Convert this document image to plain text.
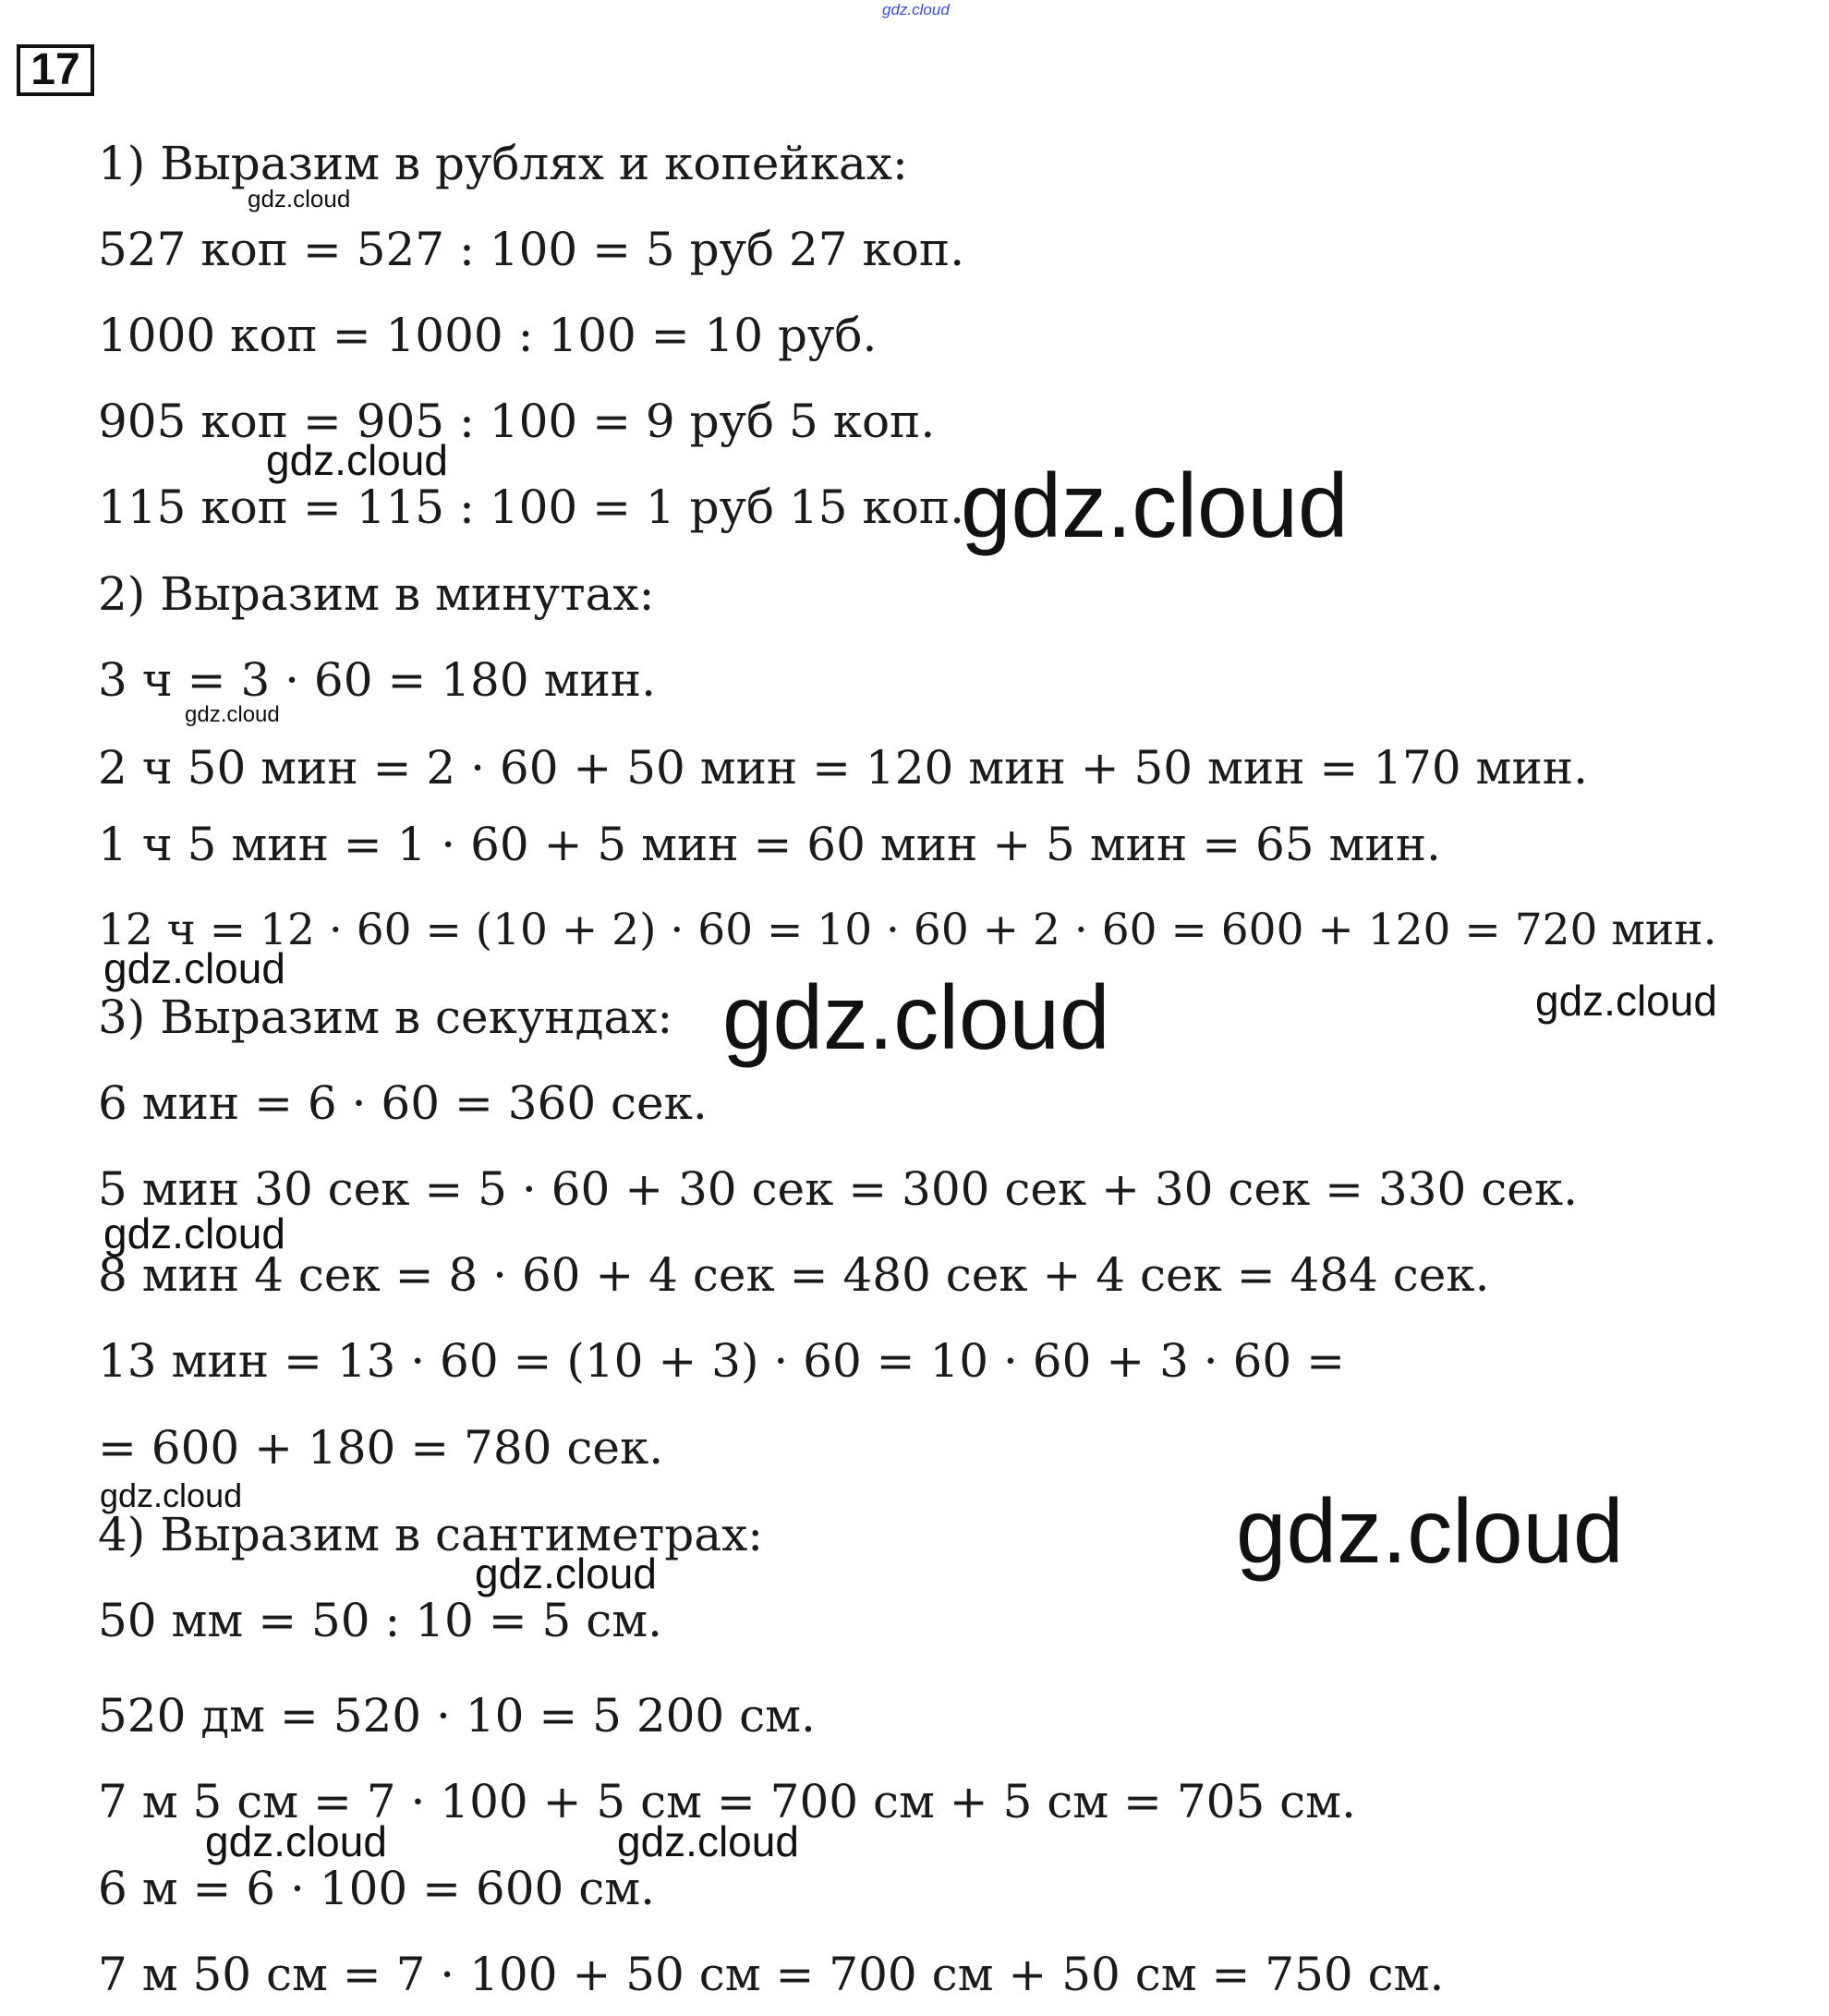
17
1) Выразим в рублях и копейках:
527 коп = 527 : 100 = 5 руб 27 коп.
1000 коп = 1000 : 100 = 10 руб.
905 коп = 905 : 100 = 9 руб 5 коп.
115 коп = 115 : 100 = 1 руб 15 коп.
2) Выразим в минутах:
3 ч = 3 · 60 = 180 мин.
2 ч 50 мин = 2 · 60 + 50 мин = 120 мин + 50 мин = 170 мин.
1 ч 5 мин = 1 · 60 + 5 мин = 60 мин + 5 мин = 65 мин.
12 ч = 12 · 60 = (10 + 2) · 60 = 10 · 60 + 2 · 60 = 600 + 120 = 720 мин.
3) Выразим в секундах:
6 мин = 6 · 60 = 360 сек.
5 мин 30 сек = 5 · 60 + 30 сек = 300 сек + 30 сек = 330 сек.
8 мин 4 сек = 8 · 60 + 4 сек = 480 сек + 4 сек = 484 сек.
13 мин = 13 · 60 = (10 + 3) · 60 = 10 · 60 + 3 · 60 =
= 600 + 180 = 780 сек.
4) Выразим в сантиметрах:
50 мм = 50 : 10 = 5 см.
520 дм = 520 · 10 = 5 200 см.
7 м 5 см = 7 · 100 + 5 см = 700 см + 5 см = 705 см.
6 м = 6 · 100 = 600 см.
7 м 50 см = 7 · 100 + 50 см = 700 см + 50 см = 750 см.
gdz.cloud
gdz.cloud
gdz.cloud	gdz.cloud
gdz.cloud
gdz.cloud	gdz.cloud	gdz.cloud
gdz.cloud
gdz.cloud	gdz.cloud
gdz.cloud
gdz.cloud	gdz.cloud
